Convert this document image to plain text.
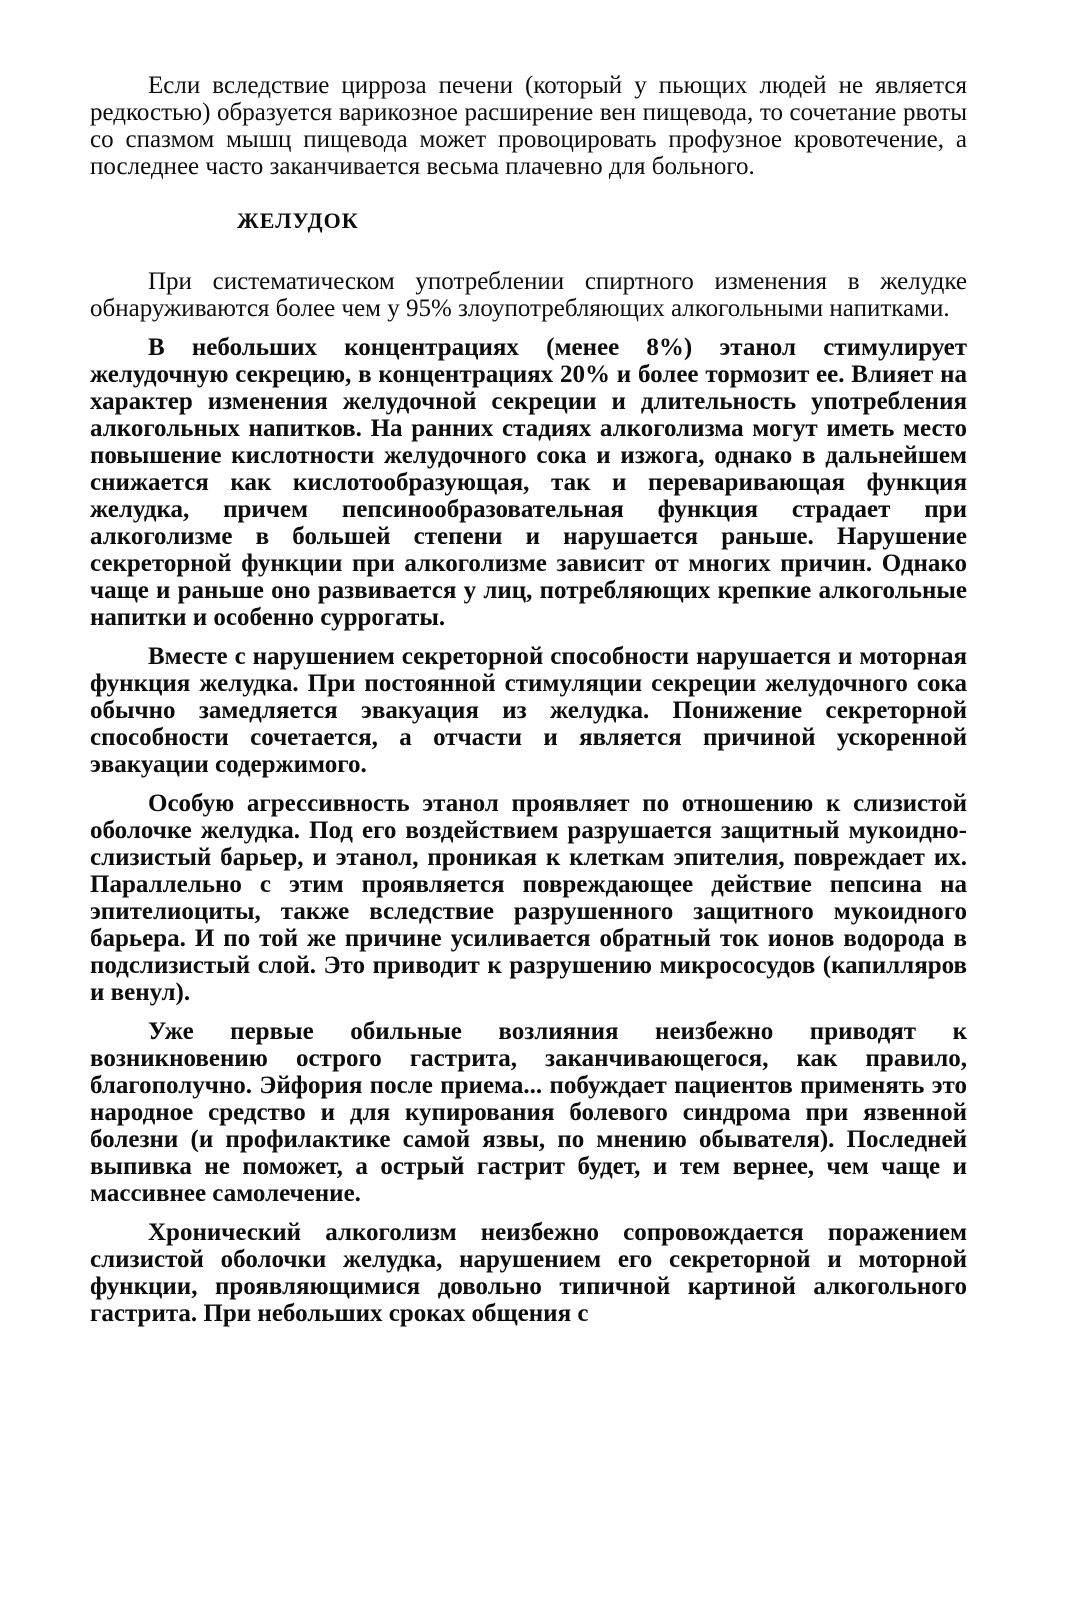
Если вследствие цирроза печени (который у пьющих людей не является редкостью) образуется варикозное расширение вен пищевода, то сочетание рвоты со спазмом мышц пищевода может провоцировать профузное кровотечение, а последнее часто заканчивается весьма плачевно для больного.

ЖЕЛУДОК

При систематическом употреблении спиртного изменения в желудке обнаруживаются более чем у 95% злоупотребляющих алкогольными напитками.

В небольших концентрациях (менее 8%) этанол стимулирует желудочную секрецию, в концентрациях 20% и более тормозит ее. Влияет на характер изменения желудочной секреции и длительность употребления алкогольных напитков. На ранних стадиях алкоголизма могут иметь место повышение кислотности желудочного сока и изжога, однако в дальнейшем снижается как кислотообразующая, так и переваривающая функция желудка, причем пепсинообразовательная функция страдает при алкоголизме в большей степени и нарушается раньше. Нарушение секреторной функции при алкоголизме зависит от многих причин. Однако чаще и раньше оно развивается у лиц, потребляющих крепкие алкогольные напитки и особенно суррогаты.

Вместе с нарушением секреторной способности нарушается и моторная функция желудка. При постоянной стимуляции секреции желудочного сока обычно замедляется эвакуация из желудка. Понижение секреторной способности сочетается, а отчасти и является причиной ускоренной эвакуации содержимого.

Особую агрессивность этанол проявляет по отношению к слизистой оболочке желудка. Под его воздействием разрушается защитный мукоидно-слизистый барьер, и этанол, проникая к клеткам эпителия, повреждает их. Параллельно с этим проявляется повреждающее действие пепсина на эпителиоциты, также вследствие разрушенного защитного мукоидного барьера. И по той же причине усиливается обратный ток ионов водорода в подслизистый слой. Это приводит к разрушению микрососудов (капилляров и венул).

Уже первые обильные возлияния неизбежно приводят к возникновению острого гастрита, заканчивающегося, как правило, благополучно. Эйфория после приема... побуждает пациентов применять это народное средство и для купирования болевого синдрома при язвенной болезни (и профилактике самой язвы, по мнению обывателя). Последней выпивка не поможет, а острый гастрит будет, и тем вернее, чем чаще и массивнее самолечение.

Хронический алкоголизм неизбежно сопровождается поражением слизистой оболочки желудка, нарушением его секреторной и моторной функции, проявляющимися довольно типичной картиной алкогольного гастрита. При небольших сроках общения с
